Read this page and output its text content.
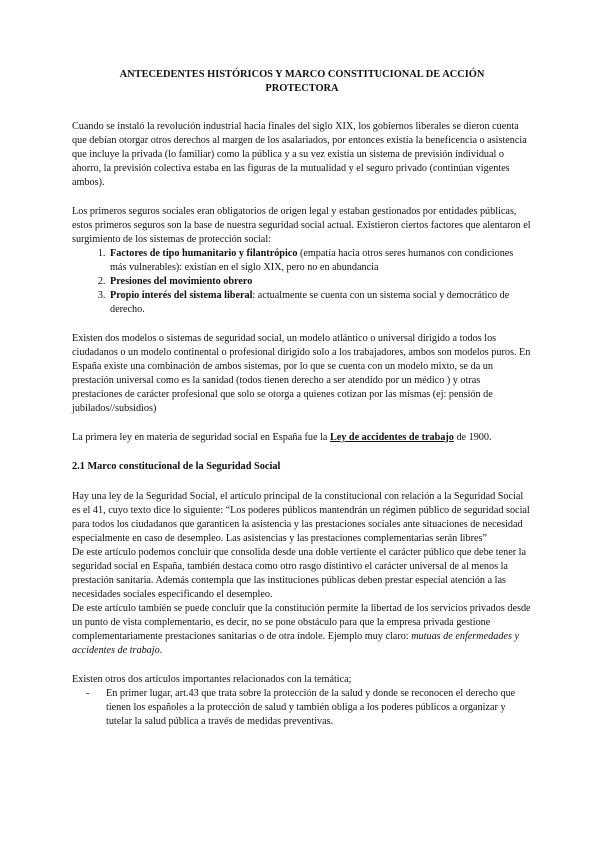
ANTECEDENTES HISTÓRICOS Y MARCO CONSTITUCIONAL DE ACCIÓN PROTECTORA

Cuando se instaló la revolución industrial hacia finales del siglo XIX, los gobiernos liberales se dieron cuenta que debían otorgar otros derechos al margen de los asalariados, por entonces existía la beneficencia o asistencia que incluye la privada (lo familiar) como la pública y a su vez existía un sistema de previsión individual o ahorro, la previsión colectiva estaba en las figuras de la mutualidad y el seguro privado (continúan vigentes ambos).

Los primeros seguros sociales eran obligatorios de origen legal y estaban gestionados por entidades públicas, estos primeros seguros son la base de nuestra seguridad social actual. Existieron ciertos factores que alentaron el surgimiento de los sistemas de protección social:

1. Factores de tipo humanitario y filantrópico (empatía hacia otros seres humanos con condiciones más vulnerables): existían en el siglo XIX, pero no en abundancia
2. Presiones del movimiento obrero
3. Propio interés del sistema liberal: actualmente se cuenta con un sistema social y democrático de derecho.

Existen dos modelos o sistemas de seguridad social, un modelo atlántico o universal dirigido a todos los ciudadanos o un modelo continental o profesional dirigido solo a los trabajadores, ambos son modelos puros. En España existe una combinación de ambos sistemas, por lo que se cuenta con un modelo mixto, se da un prestación universal como es la sanidad (todos tienen derecho a ser atendido por un médico ) y otras prestaciones de carácter profesional que solo se otorga a quienes cotizan por las mismas (ej: pensión de jubilados//subsidios)

La primera ley en materia de seguridad social en España fue la Ley de accidentes de trabajo de 1900.

2.1 Marco constitucional de la Seguridad Social

Hay una ley de la Seguridad Social, el artículo principal de la constitucional con relación a la Seguridad Social es el 41, cuyo texto dice lo siguiente: “Los poderes públicos mantendrán un régimen público de seguridad social para todos los ciudadanos que garanticen la asistencia y las prestaciones sociales ante situaciones de necesidad especialmente en caso de desempleo. Las asistencias y las prestaciones complementarias serán libres”

De este artículo podemos concluir que consolida desde una doble vertiente el carácter público que debe tener la seguridad social en España, también destaca como otro rasgo distintivo el carácter universal de al menos la prestación sanitaria. Además contempla que las instituciones públicas deben prestar especial atención a las necesidades sociales especificando el desempleo.

De este artículo también se puede concluir que la constitución permite la libertad de los servicios privados desde un punto de vista complementario, es decir, no se pone obstáculo para que la empresa privada gestione complementariamente prestaciones sanitarias o de otra índole. Ejemplo muy claro: mutuas de enfermedades y accidentes de trabajo.

Existen otros dos artículos importantes relacionados con la temática;

- En primer lugar, art.43 que trata sobre la protección de la salud y donde se reconocen el derecho que tienen los españoles a la protección de salud y también obliga a los poderes públicos a organizar y tutelar la salud pública a través de medidas preventivas.
